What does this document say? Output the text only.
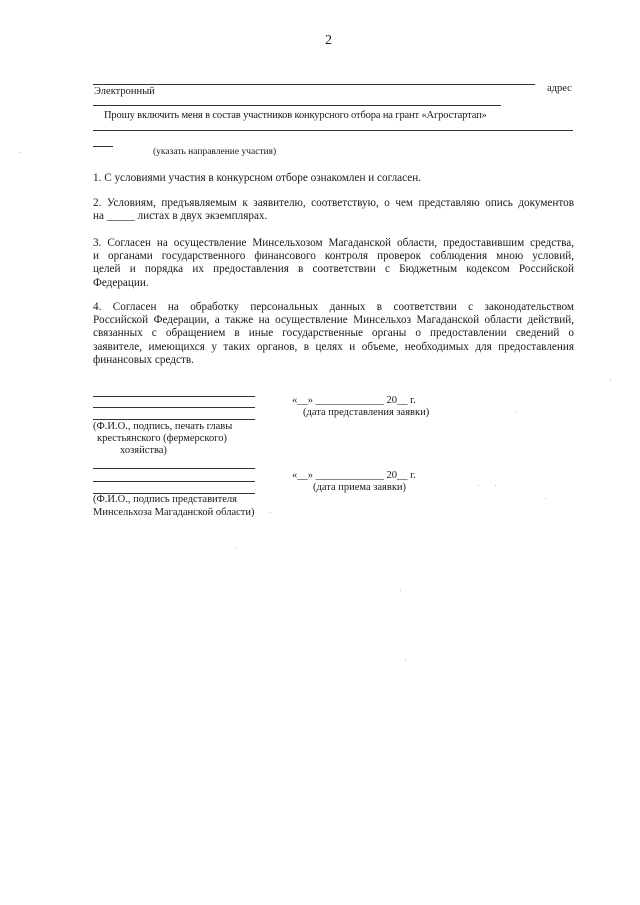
2
Электронный	адрес
Прошу включить меня в состав участников конкурсного отбора на грант «Агростартап»
(указать направление участия)
1. С условиями участия в конкурсном отборе ознакомлен и согласен.
2. Условиям, предъявляемым к заявителю, соответствую, о чем представляю опись документов
на _____ листах в двух экземплярах.
3. Согласен на осуществление Минсельхозом Магаданской области, предоставившим средства,
и органами государственного финансового контроля проверок соблюдения мною условий,
целей и порядка их предоставления в соответствии с Бюджетным кодексом Российской
Федерации.
4. Согласен на обработку персональных данных в соответствии с законодательством
Российской Федерации, а также на осуществление Минсельхоз Магаданской области действий,
связанных с обращением в иные государственные органы о предоставлении сведений о
заявителе, имеющихся у таких органов, в целях и объеме, необходимых для предоставления
финансовых средств.
(Ф.И.О., подпись, печать главы
крестьянского (фермерского)
хозяйства)
«__» _____________ 20__ г.
(дата представления заявки)
(Ф.И.О., подпись представителя
Минсельхоза Магаданской области)
«__» _____________ 20__ г.
(дата приема заявки)
